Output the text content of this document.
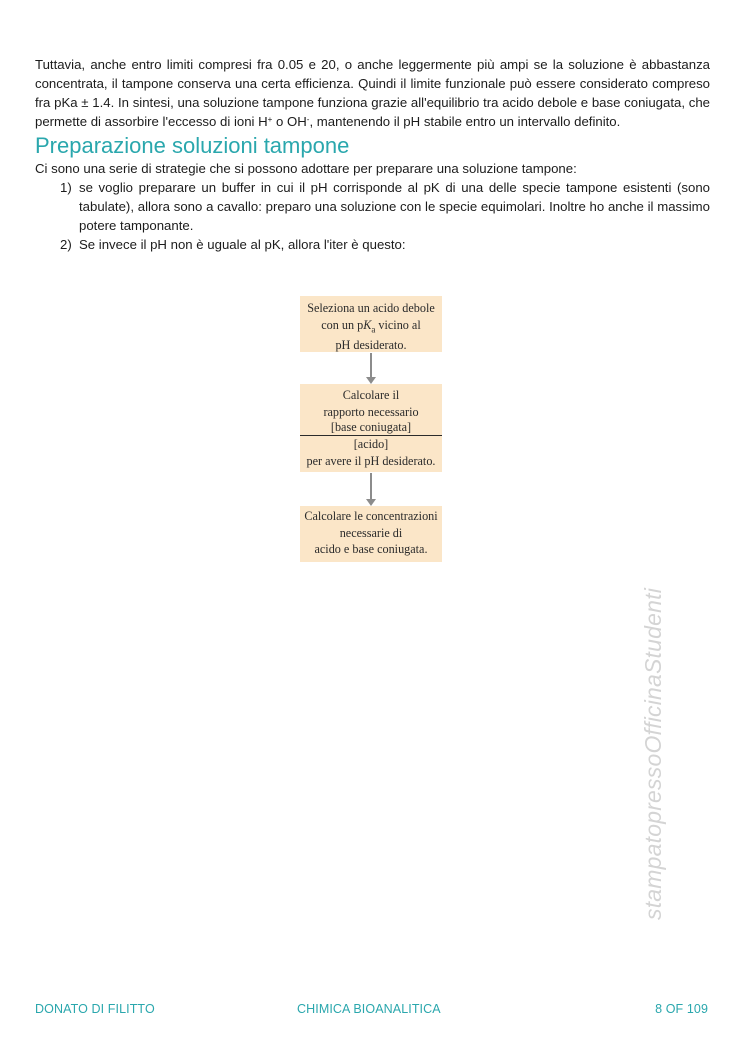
Tuttavia, anche entro limiti compresi fra 0.05 e 20, o anche leggermente più ampi se la soluzione è abbastanza concentrata, il tampone conserva una certa efficienza. Quindi il limite funzionale può essere considerato compreso fra pKa ± 1.4. In sintesi, una soluzione tampone funziona grazie all'equilibrio tra acido debole e base coniugata, che permette di assorbire l'eccesso di ioni H+ o OH-, mantenendo il pH stabile entro un intervallo definito.

Preparazione soluzioni tampone

Ci sono una serie di strategie che si possono adottare per preparare una soluzione tampone:

1) se voglio preparare un buffer in cui il pH corrisponde al pK di una delle specie tampone esistenti (sono tabulate), allora sono a cavallo: preparo una soluzione con le specie equimolari. Inoltre ho anche il massimo potere tamponante.
2) Se invece il pH non è uguale al pK, allora l'iter è questo:
Seleziona un acido debole
con un $pK_a$ vicino al
pH desiderato.
Calcolare il
rapporto necessario
[base coniugata]
[acido]
per avere il pH desiderato.
Calcolare le concentrazioni
necessarie di
acido e base coniugata.
stampatopressoOfficinaStudenti
DONATO DI FILITTO	CHIMICA BIOANALITICA	8 OF 109
